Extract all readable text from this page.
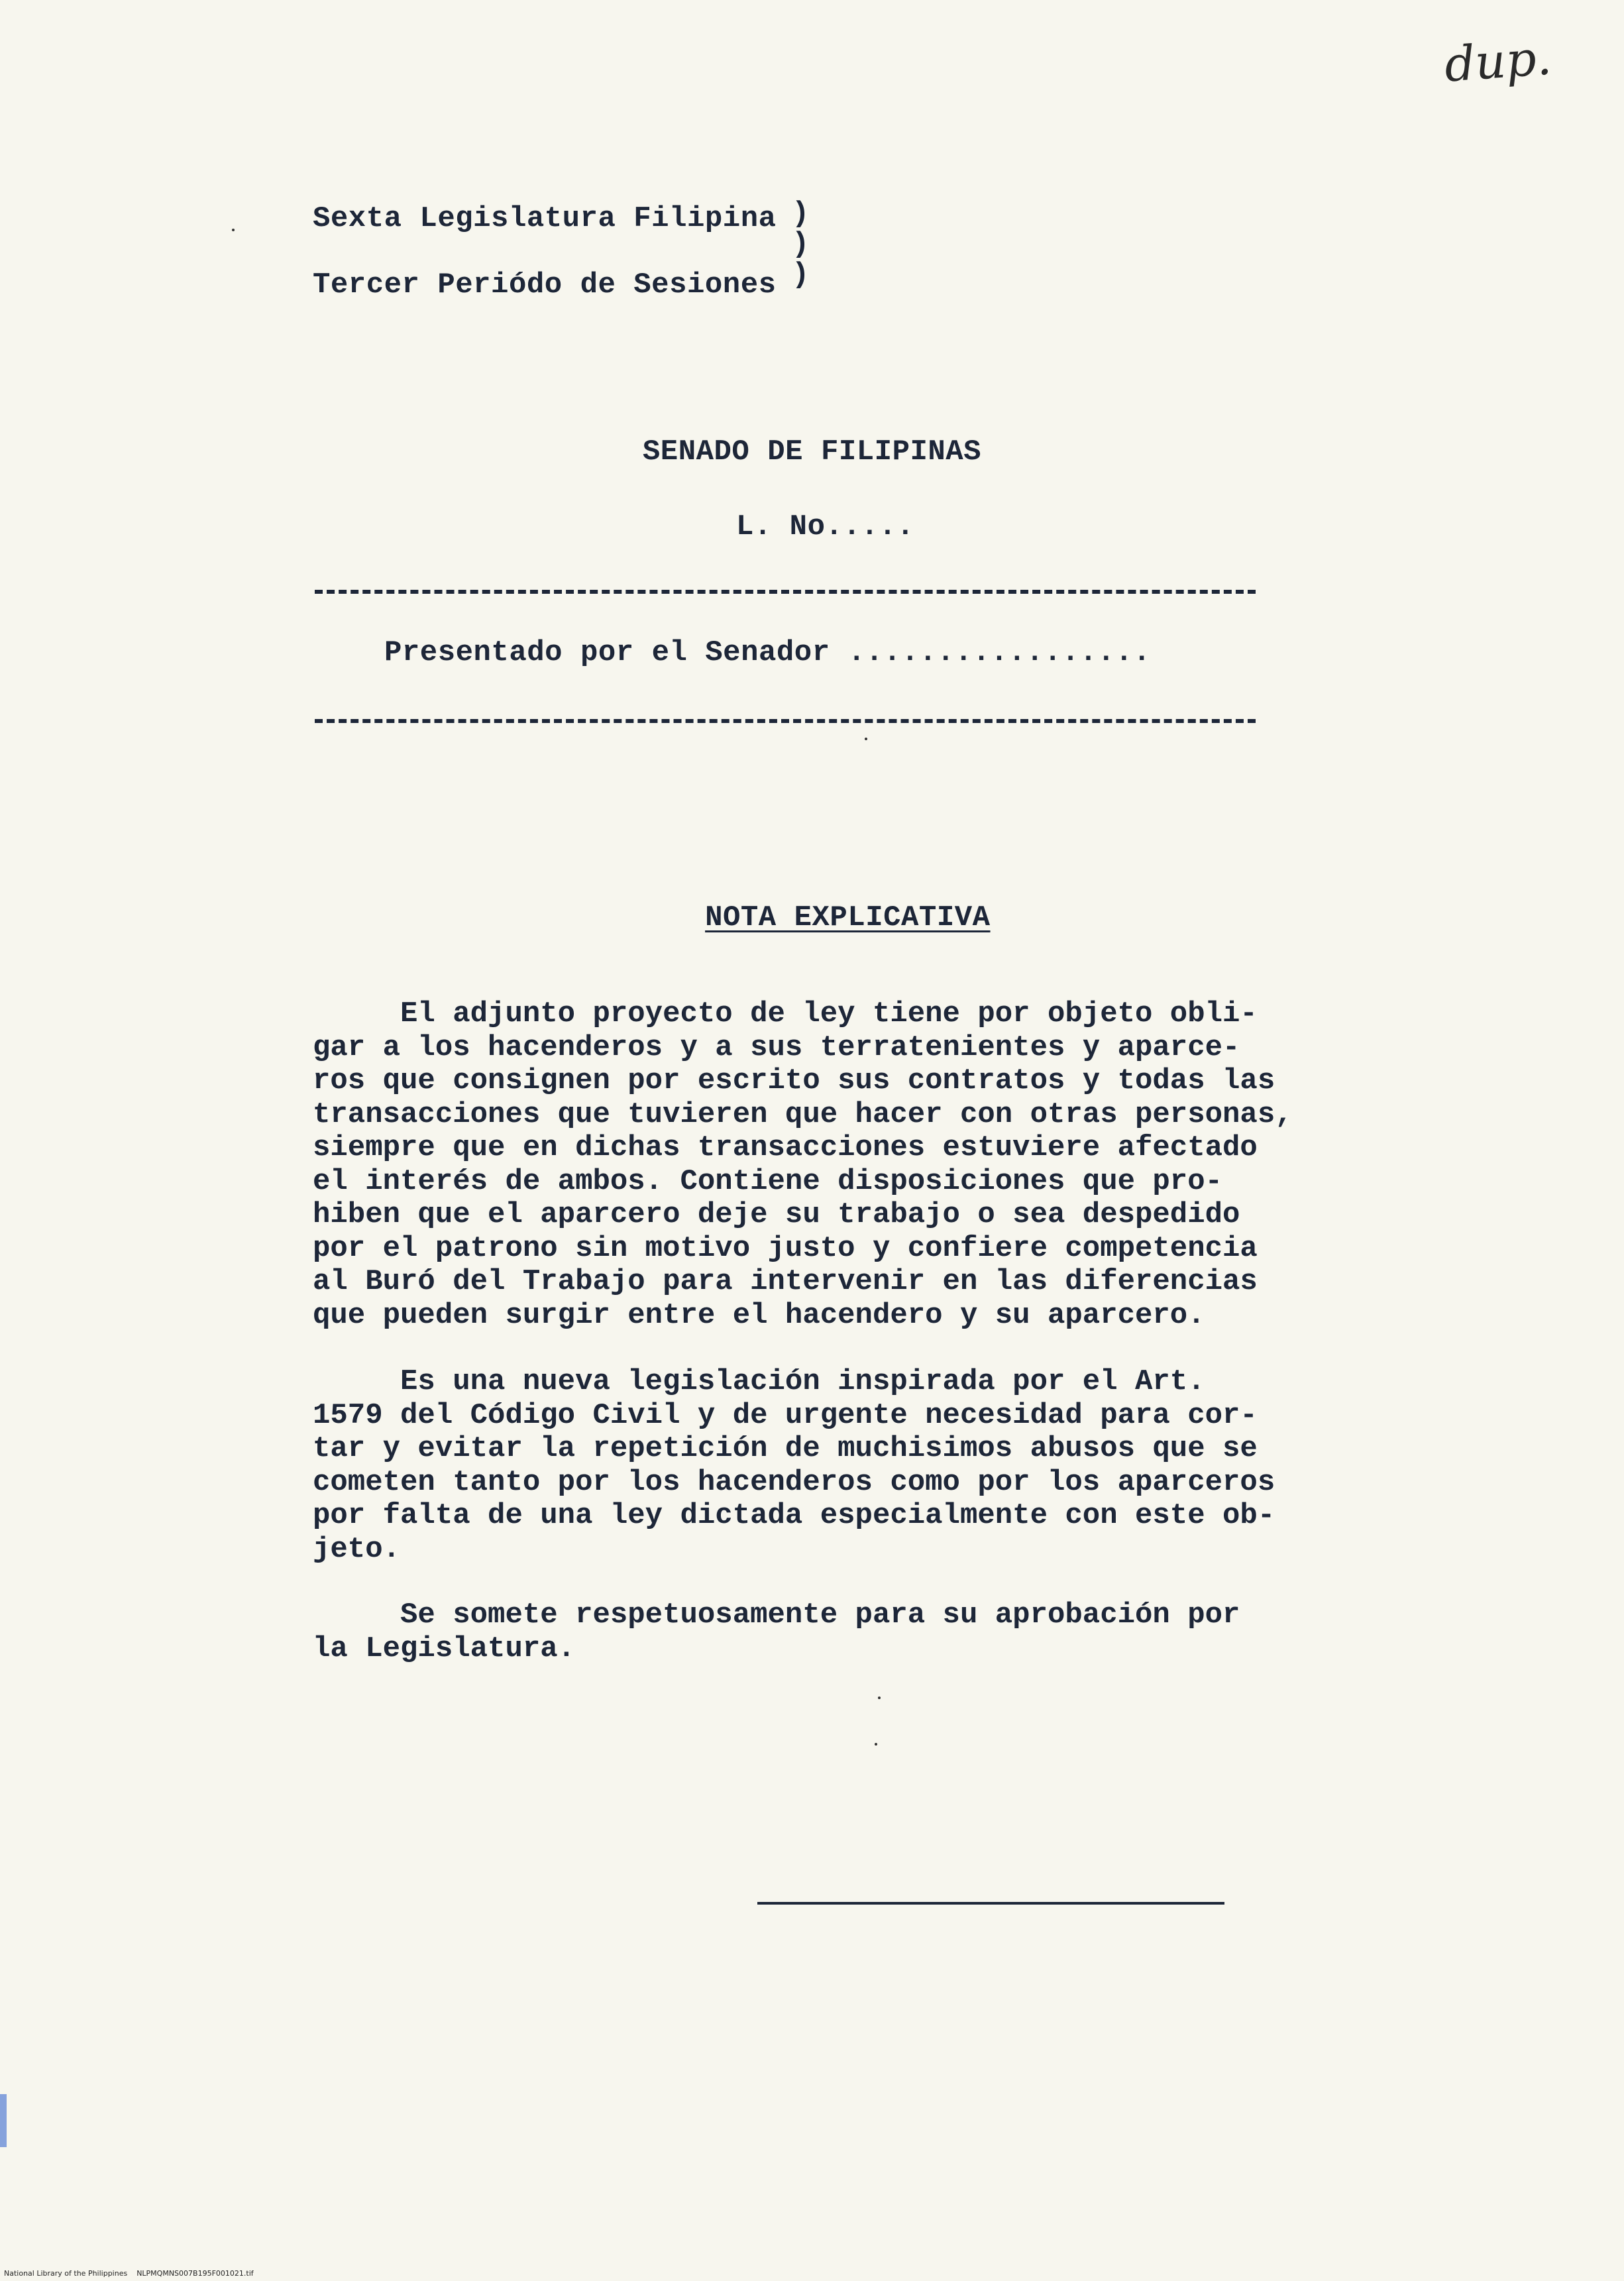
dup.
Sexta Legislatura Filipina
Tercer Periódo de Sesiones
)
)
)
SENADO DE FILIPINAS
L. No.....
Presentado por el Senador .................

NOTA EXPLICATIVA

El adjunto proyecto de ley tiene por objeto obli-
gar a los hacenderos y a sus terratenientes y aparce-
ros que consignen por escrito sus contratos y todas las
transacciones que tuvieren que hacer con otras personas,
siempre que en dichas transacciones estuviere afectado
el interés de ambos. Contiene disposiciones que pro-
hiben que el aparcero deje su trabajo o sea despedido
por el patrono sin motivo justo y confiere competencia
al Buró del Trabajo para intervenir en las diferencias
que pueden surgir entre el hacendero y su aparcero.
Es una nueva legislación inspirada por el Art.
1579 del Código Civil y de urgente necesidad para cor-
tar y evitar la repetición de muchisimos abusos que se
cometen tanto por los hacenderos como por los aparceros
por falta de una ley dictada especialmente con este ob-
jeto.
Se somete respetuosamente para su aprobación por
la Legislatura.
National Library of the Philippines    NLPMQMNS007B195F001021.tif
